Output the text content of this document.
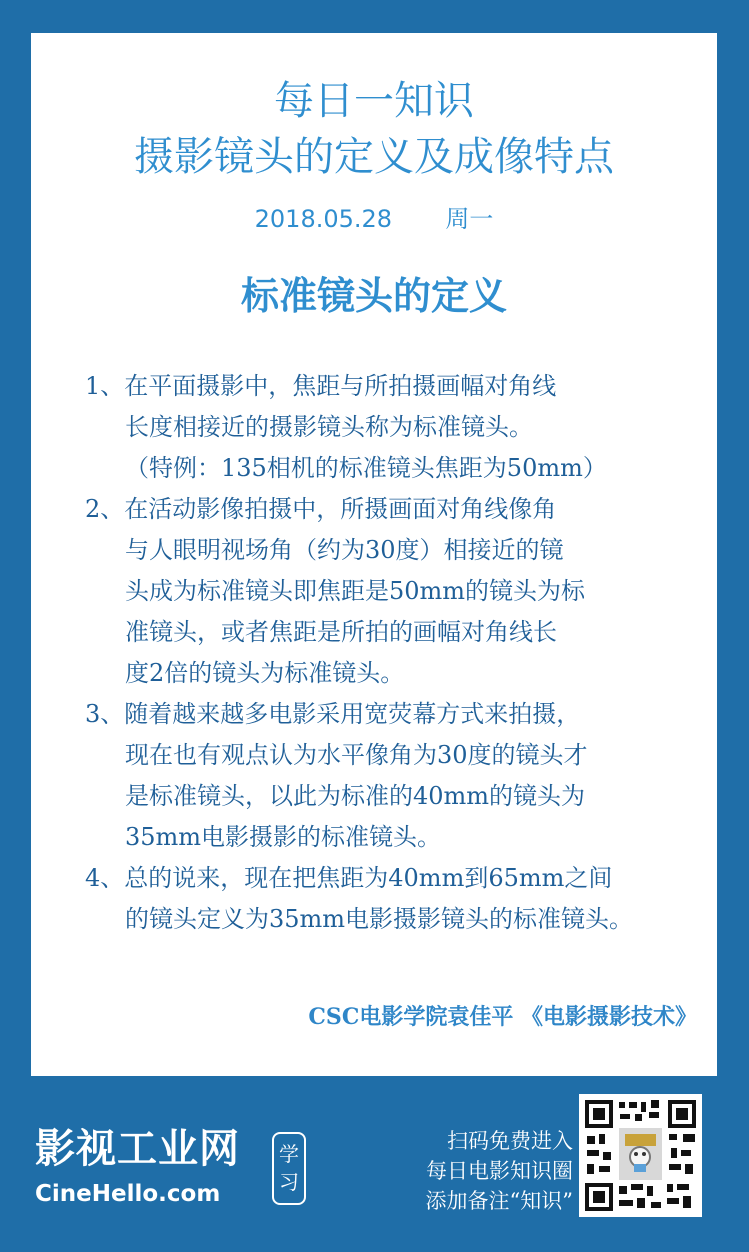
每日一知识
摄影镜头的定义及成像特点
2018.05.28 周一
标准镜头的定义
1、在平面摄影中，焦距与所拍摄画幅对角线
长度相接近的摄影镜头称为标准镜头。
（特例：135相机的标准镜头焦距为50mm）
2、在活动影像拍摄中，所摄画面对角线像角
与人眼明视场角（约为30度）相接近的镜
头成为标准镜头即焦距是50mm的镜头为标
准镜头，或者焦距是所拍的画幅对角线长
度2倍的镜头为标准镜头。
3、随着越来越多电影采用宽荧幕方式来拍摄，
现在也有观点认为水平像角为30度的镜头才
是标准镜头，以此为标准的40mm的镜头为
35mm电影摄影的标准镜头。
4、总的说来，现在把焦距为40mm到65mm之间
的镜头定义为35mm电影摄影镜头的标准镜头。
CSC电影学院袁佳平 《电影摄影技术》
影视工业网
CineHello.com
学
习
扫码免费进入
每日电影知识圈
添加备注“知识”
